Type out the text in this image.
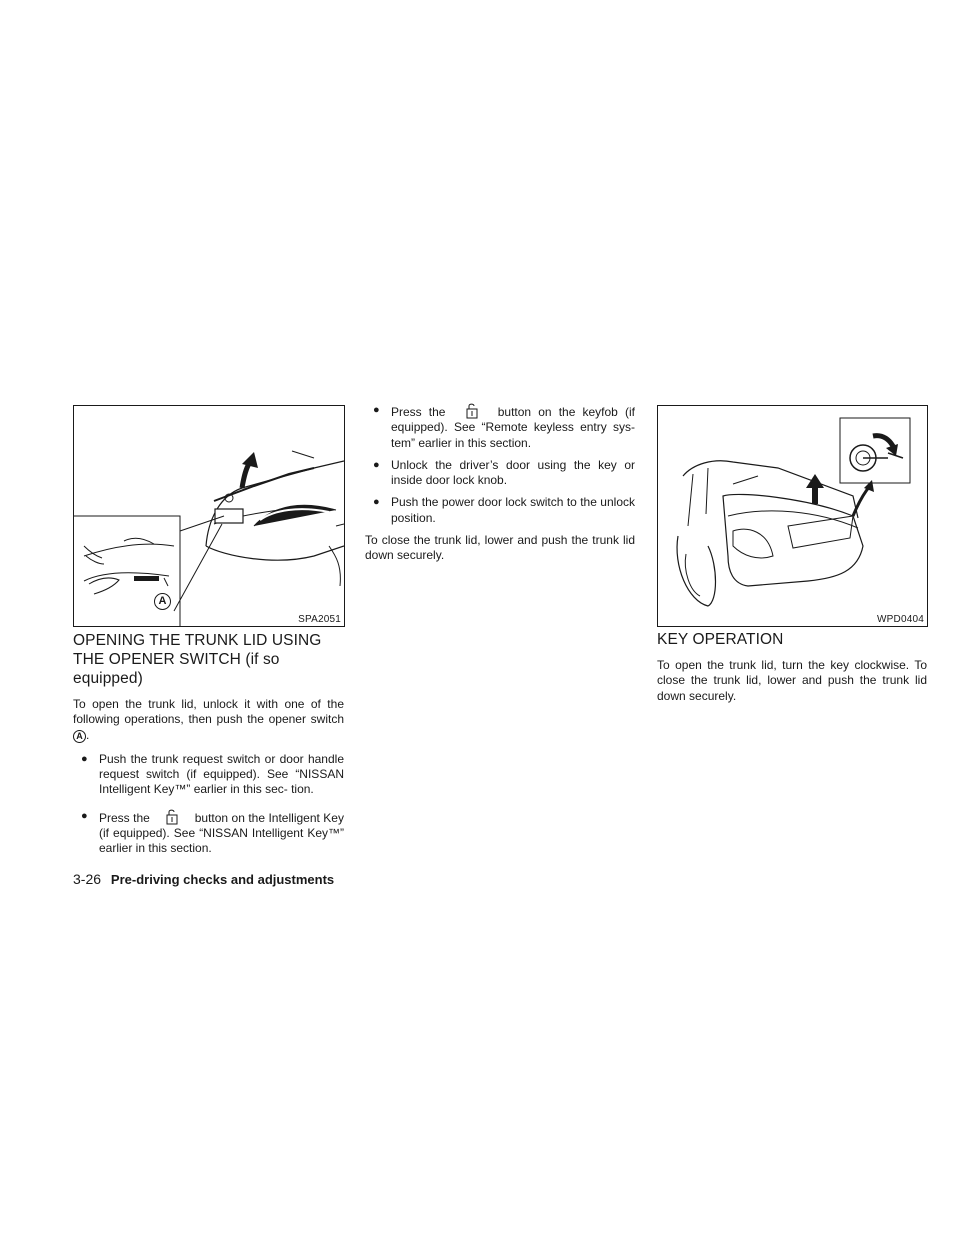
A
SPA2051
OPENING THE TRUNK LID USING THE OPENER SWITCH (if so equipped)

To open the trunk lid, unlock it with one of the following operations, then push the opener switch A .

● Push the trunk request switch or door handle request switch (if equipped). See “NISSAN Intelligent Key™” earlier in this sec- tion.
● Press the	button on the Intelligent Key (if equipped). See “NISSAN Intelligent Key™” earlier in this section.
● Press the	button on the keyfob (if equipped). See “Remote keyless entry sys- tem” earlier in this section.
● Unlock the driver’s door using the key or inside door lock knob.
● Push the power door lock switch to the unlock position.

To close the trunk lid, lower and push the trunk lid down securely.

WPD0404
KEY OPERATION

To open the trunk lid, turn the key clockwise. To close the trunk lid, lower and push the trunk lid down securely.

3-26 Pre-driving checks and adjustments
